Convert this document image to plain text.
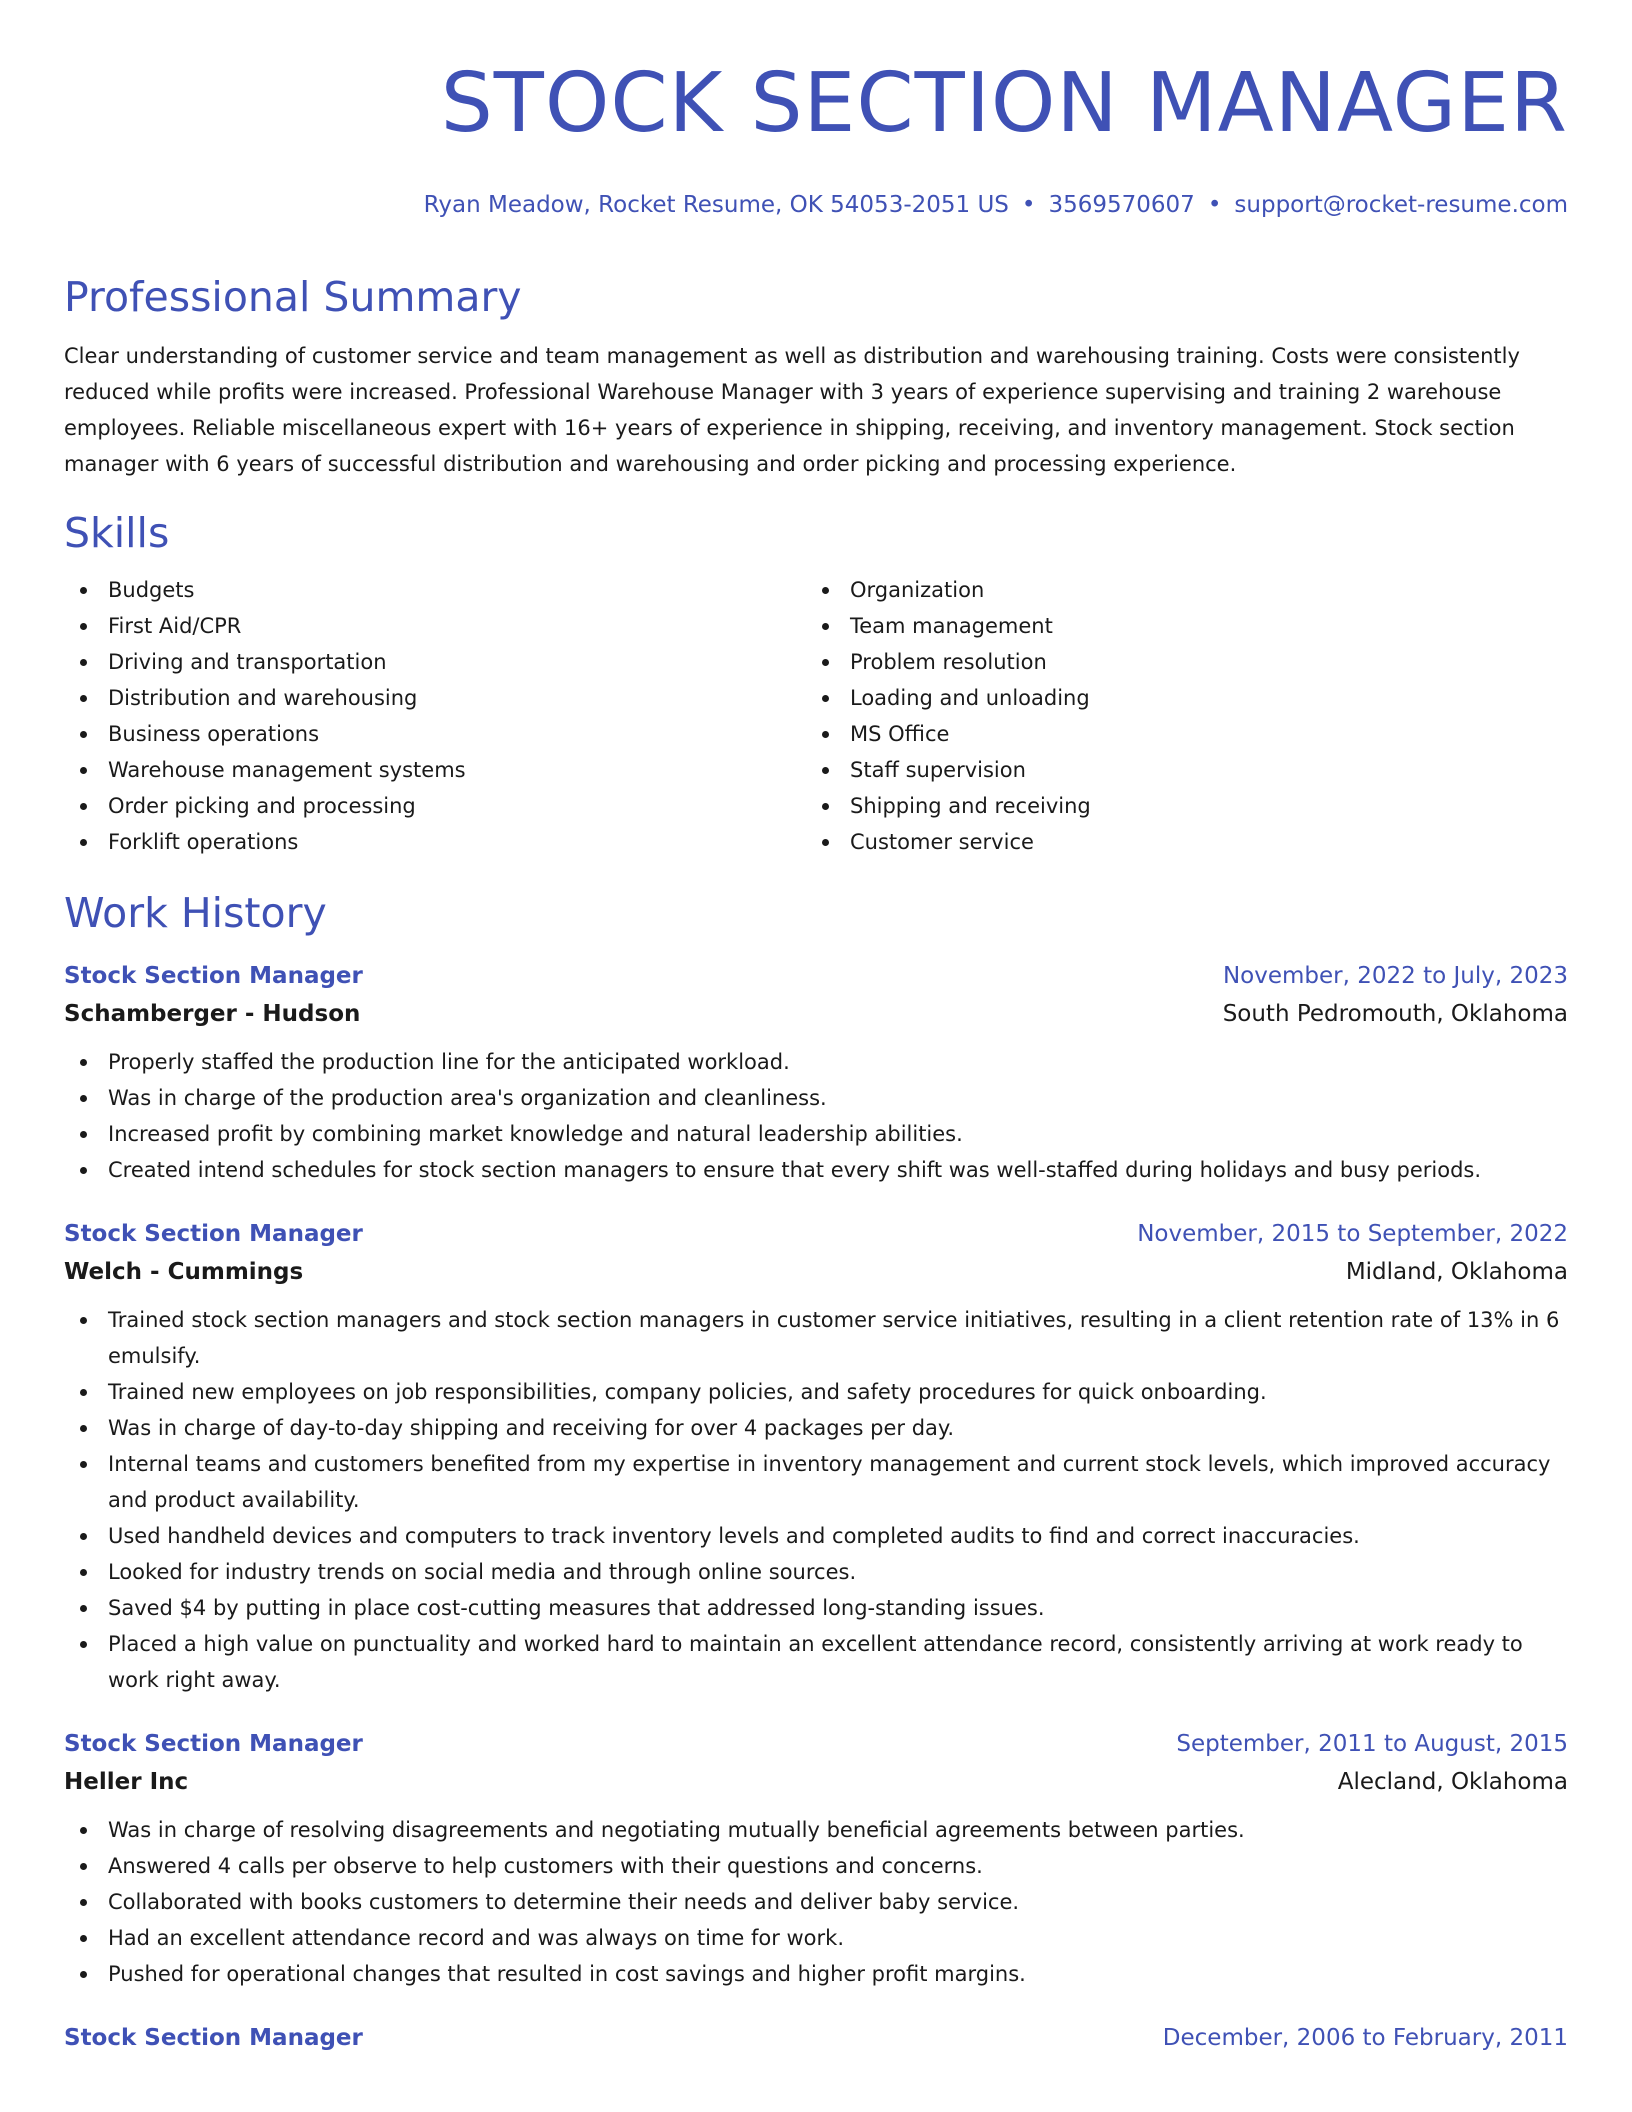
STOCK SECTION MANAGER
Ryan Meadow, Rocket Resume, OK 54053-2051 US • 3569570607 • support@rocket-resume.com
Professional Summary

Clear understanding of customer service and team management as well as distribution and warehousing training. Costs were consistently reduced while profits were increased. Professional Warehouse Manager with 3 years of experience supervising and training 2 warehouse employees. Reliable miscellaneous expert with 16+ years of experience in shipping, receiving, and inventory management. Stock section manager with 6 years of successful distribution and warehousing and order picking and processing experience.

Skills
Budgets
First Aid/CPR
Driving and transportation
Distribution and warehousing
Business operations
Warehouse management systems
Order picking and processing
Forklift operations
Organization
Team management
Problem resolution
Loading and unloading
MS Office
Staff supervision
Shipping and receiving
Customer service
Work History
Stock Section Manager	November, 2022 to July, 2023
Schamberger - Hudson	South Pedromouth, Oklahoma
Properly staffed the production line for the anticipated workload.
Was in charge of the production area's organization and cleanliness.
Increased profit by combining market knowledge and natural leadership abilities.
Created intend schedules for stock section managers to ensure that every shift was well-staffed during holidays and busy periods.
Stock Section Manager	November, 2015 to September, 2022
Welch - Cummings	Midland, Oklahoma
Trained stock section managers and stock section managers in customer service initiatives, resulting in a client retention rate of 13% in 6 emulsify.
Trained new employees on job responsibilities, company policies, and safety procedures for quick onboarding.
Was in charge of day-to-day shipping and receiving for over 4 packages per day.
Internal teams and customers benefited from my expertise in inventory management and current stock levels, which improved accuracy and product availability.
Used handheld devices and computers to track inventory levels and completed audits to find and correct inaccuracies.
Looked for industry trends on social media and through online sources.
Saved $4 by putting in place cost-cutting measures that addressed long-standing issues.
Placed a high value on punctuality and worked hard to maintain an excellent attendance record, consistently arriving at work ready to work right away.
Stock Section Manager	September, 2011 to August, 2015
Heller Inc	Alecland, Oklahoma
Was in charge of resolving disagreements and negotiating mutually beneficial agreements between parties.
Answered 4 calls per observe to help customers with their questions and concerns.
Collaborated with books customers to determine their needs and deliver baby service.
Had an excellent attendance record and was always on time for work.
Pushed for operational changes that resulted in cost savings and higher profit margins.
Stock Section Manager	December, 2006 to February, 2011
